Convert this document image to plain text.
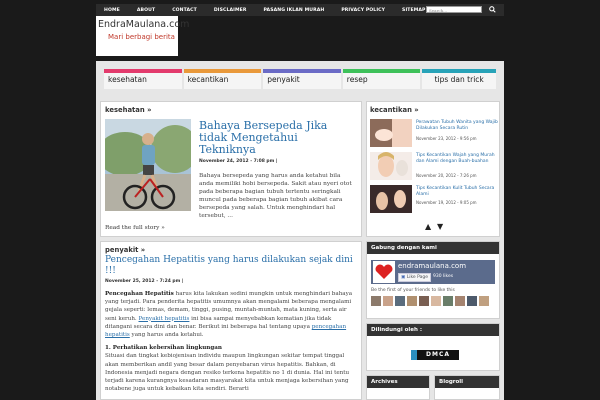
HOME	ABOUT	CONTACT	DISCLAIMER	PASANG IKLAN MURAH	PRIVACY POLICY	SITEMAP Search...
EndraMaulana.com
Mari berbagi berita
kesehatan	kecantikan	penyakit	resep	tips dan trick
kesehatan »
Bahaya Bersepeda Jika tidak Mengetahui Tekniknya
November 24, 2012 - 7:08 pm |
Bahaya bersepeda yang harus anda ketahui bila anda memiliki hobi bersepeda. Sakit atau nyeri otot pada beberapa bagian tubuh tertentu seringkali muncul pada beberapa bagian tubuh akibat cara bersepeda yang salah. Untuk menghindari hal tersebut, ...
Read the full story »
kecantikan »
Perawatan Tubuh Wanita yang Wajib Dilakukan Secara Rutin
November 23, 2012 - 9:56 pm
Tips Kecantikan Wajah yang Murah dan Alami dengan Buah-buahan
November 20, 2012 - 7:26 pm
Tips Kecantikan Kulit Tubuh Secara Alami
November 19, 2012 - 9:05 pm
▲ ▼
penyakit »
Pencegahan Hepatitis yang harus dilakukan sejak dini !!!
November 25, 2012 - 7:24 pm |
Pencegahan Hepatitis harus kita lakukan sedini mungkin untuk menghindari bahaya yang terjadi. Para penderita hepatitis umumnya akan mengalami beberapa mengalami gejala seperti: lemas, demam, tinggi, pusing, muntah-muntah, mata kuning, serta air seni keruh. Penyakit hepatitis ini bisa sampai menyebabkan kematian jika tidak ditangani secara dini dan benar. Berikut ini beberapa hal tentang upaya pencegahan hepatitis yang harus anda ketahui.
1. Perhatikan kebersihan lingkungan
Situasi dan tingkat kebiojenisan individu maupun lingkungan sekitar tempat tinggal akan memberikan andil yang besar dalam penyebaran virus hepatitis. Bahkan, di Indonesia menjadi negara dengan resiko terkena hepatitis no 1 di dunia. Hal ini tentu terjadi karena kurangnya kesadaran masyarakat kita untuk menjaga kebersihan yang notabene juga untuk kebaikan kita sendiri. Berarti
Gabung dengan kami
endramaulana.com
▣ Like Page	930 likes
Be the first of your friends to like this
Dilindungi oleh :
DMCA
Archives	Blogroll
